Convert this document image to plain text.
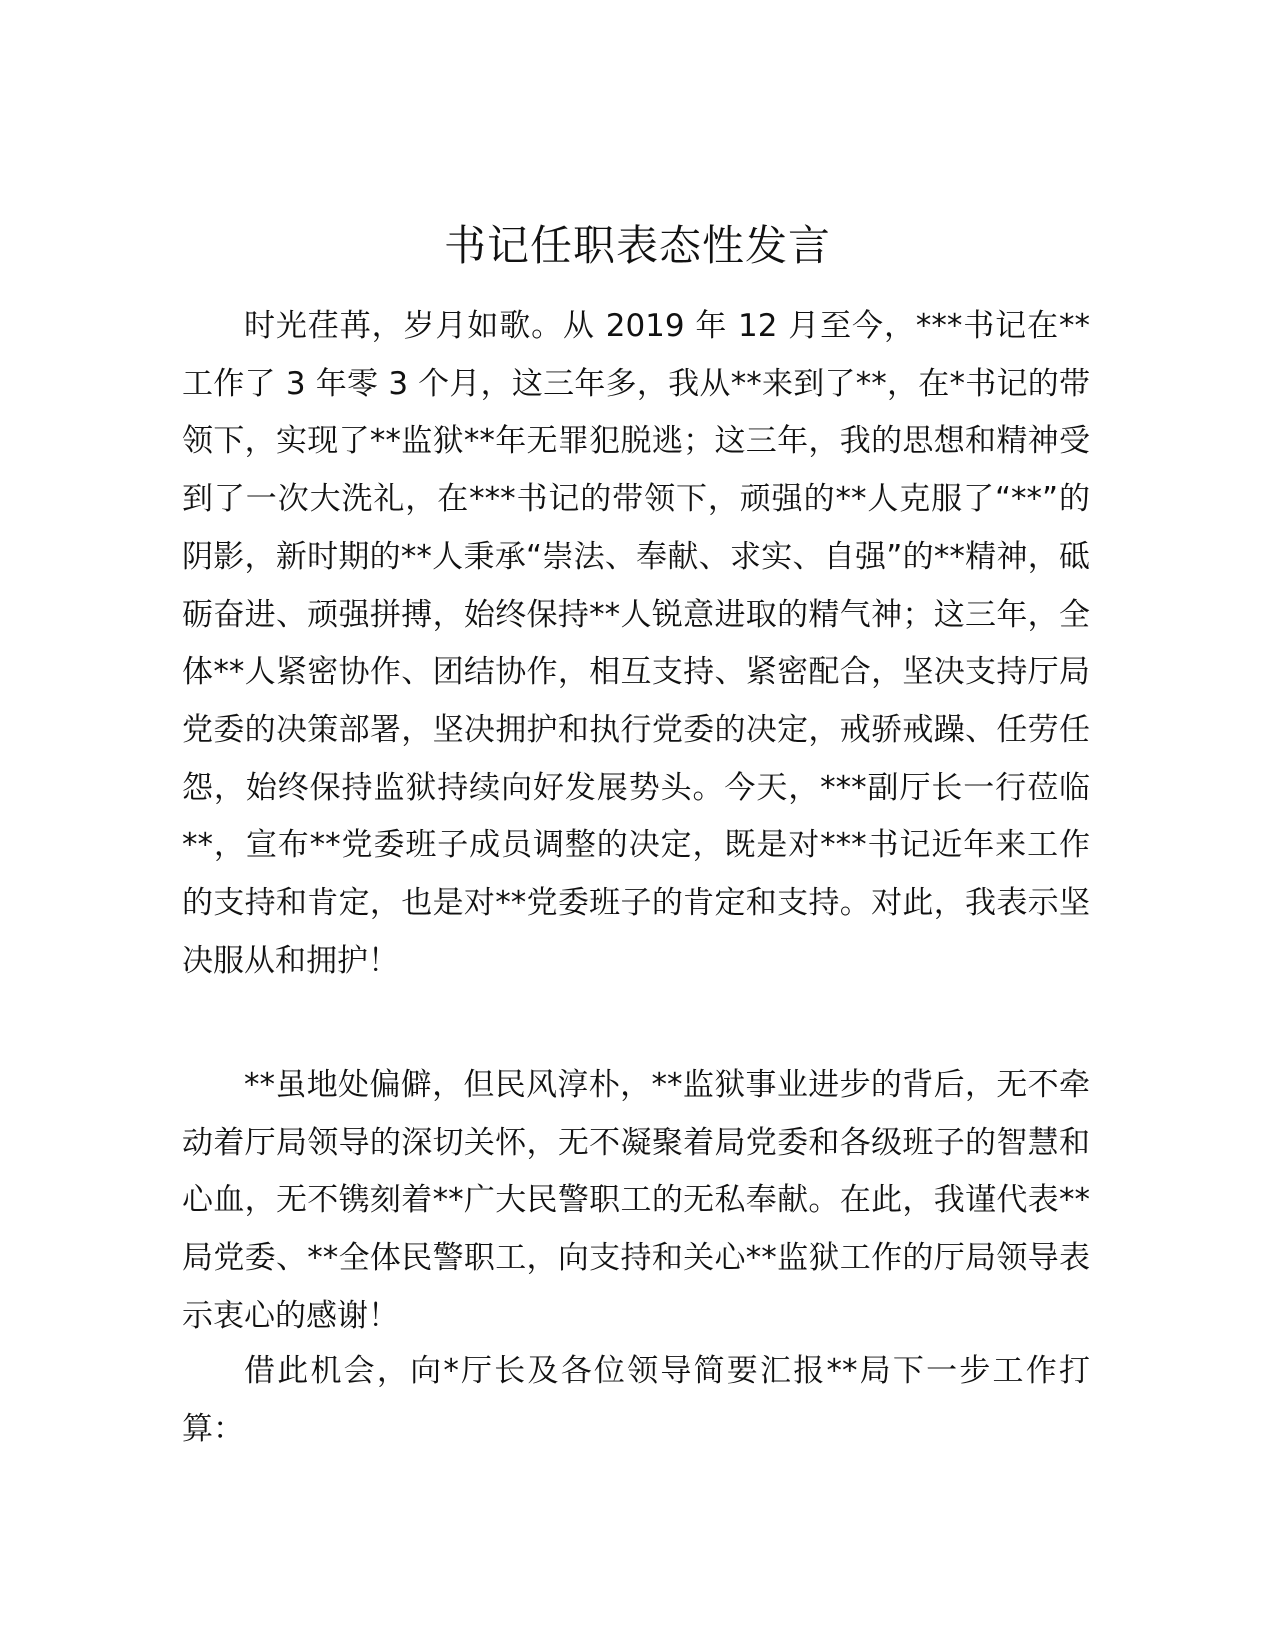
书记任职表态性发言

时光荏苒，岁月如歌。从 2019 年 12 月至今，***书记在**工作了 3 年零 3 个月，这三年多，我从**来到了**，在*书记的带领下，实现了**监狱**年无罪犯脱逃；这三年，我的思想和精神受到了一次大洗礼，在***书记的带领下，顽强的**人克服了“**”的阴影，新时期的**人秉承“崇法、奉献、求实、自强”的**精神，砥砺奋进、顽强拼搏，始终保持**人锐意进取的精气神；这三年，全体**人紧密协作、团结协作，相互支持、紧密配合，坚决支持厅局党委的决策部署，坚决拥护和执行党委的决定，戒骄戒躁、任劳任怨，始终保持监狱持续向好发展势头。今天，***副厅长一行莅临**，宣布**党委班子成员调整的决定，既是对***书记近年来工作的支持和肯定，也是对**党委班子的肯定和支持。对此，我表示坚决服从和拥护！

**虽地处偏僻，但民风淳朴，**监狱事业进步的背后，无不牵动着厅局领导的深切关怀，无不凝聚着局党委和各级班子的智慧和心血，无不镌刻着**广大民警职工的无私奉献。在此，我谨代表**局党委、**全体民警职工，向支持和关心**监狱工作的厅局领导表示衷心的感谢！

借此机会，向*厅长及各位领导简要汇报**局下一步工作打算：
